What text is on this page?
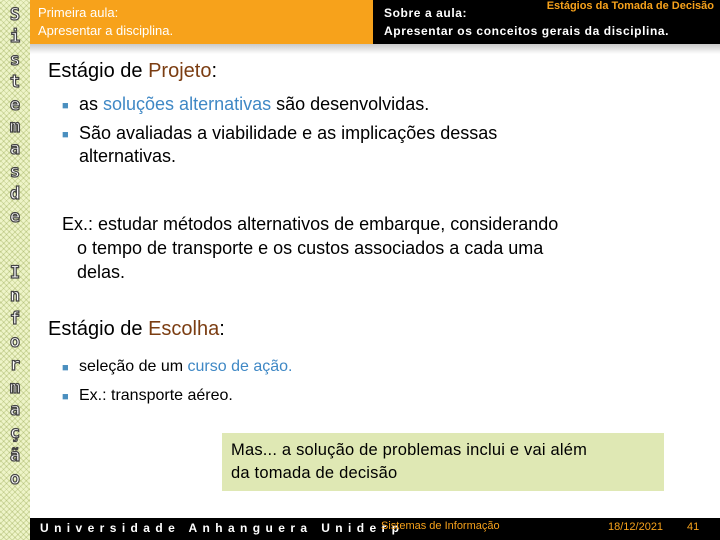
S
i
s
t
e
m
a
s
d
e
I
n
f
o
r
m
a
ç
ã
o
Primeira aula:
Apresentar a disciplina.
Estágios da Tomada de Decisão
Sobre a aula:
Apresentar os conceitos gerais da disciplina.
Estágio de Projeto:
■ as soluções alternativas são desenvolvidas.
■ São avaliadas a viabilidade e as implicações dessas
alternativas.
Ex.: estudar métodos alternativos de embarque, considerando
o tempo de transporte e os custos associados a cada uma
delas.
Estágio de Escolha:
■ seleção de um curso de ação.
■ Ex.: transporte aéreo.
Mas... a solução de problemas inclui e vai além
da tomada de decisão
Universidade Anhanguera Uniderp
Sistemas de Informação	18/12/2021 41
